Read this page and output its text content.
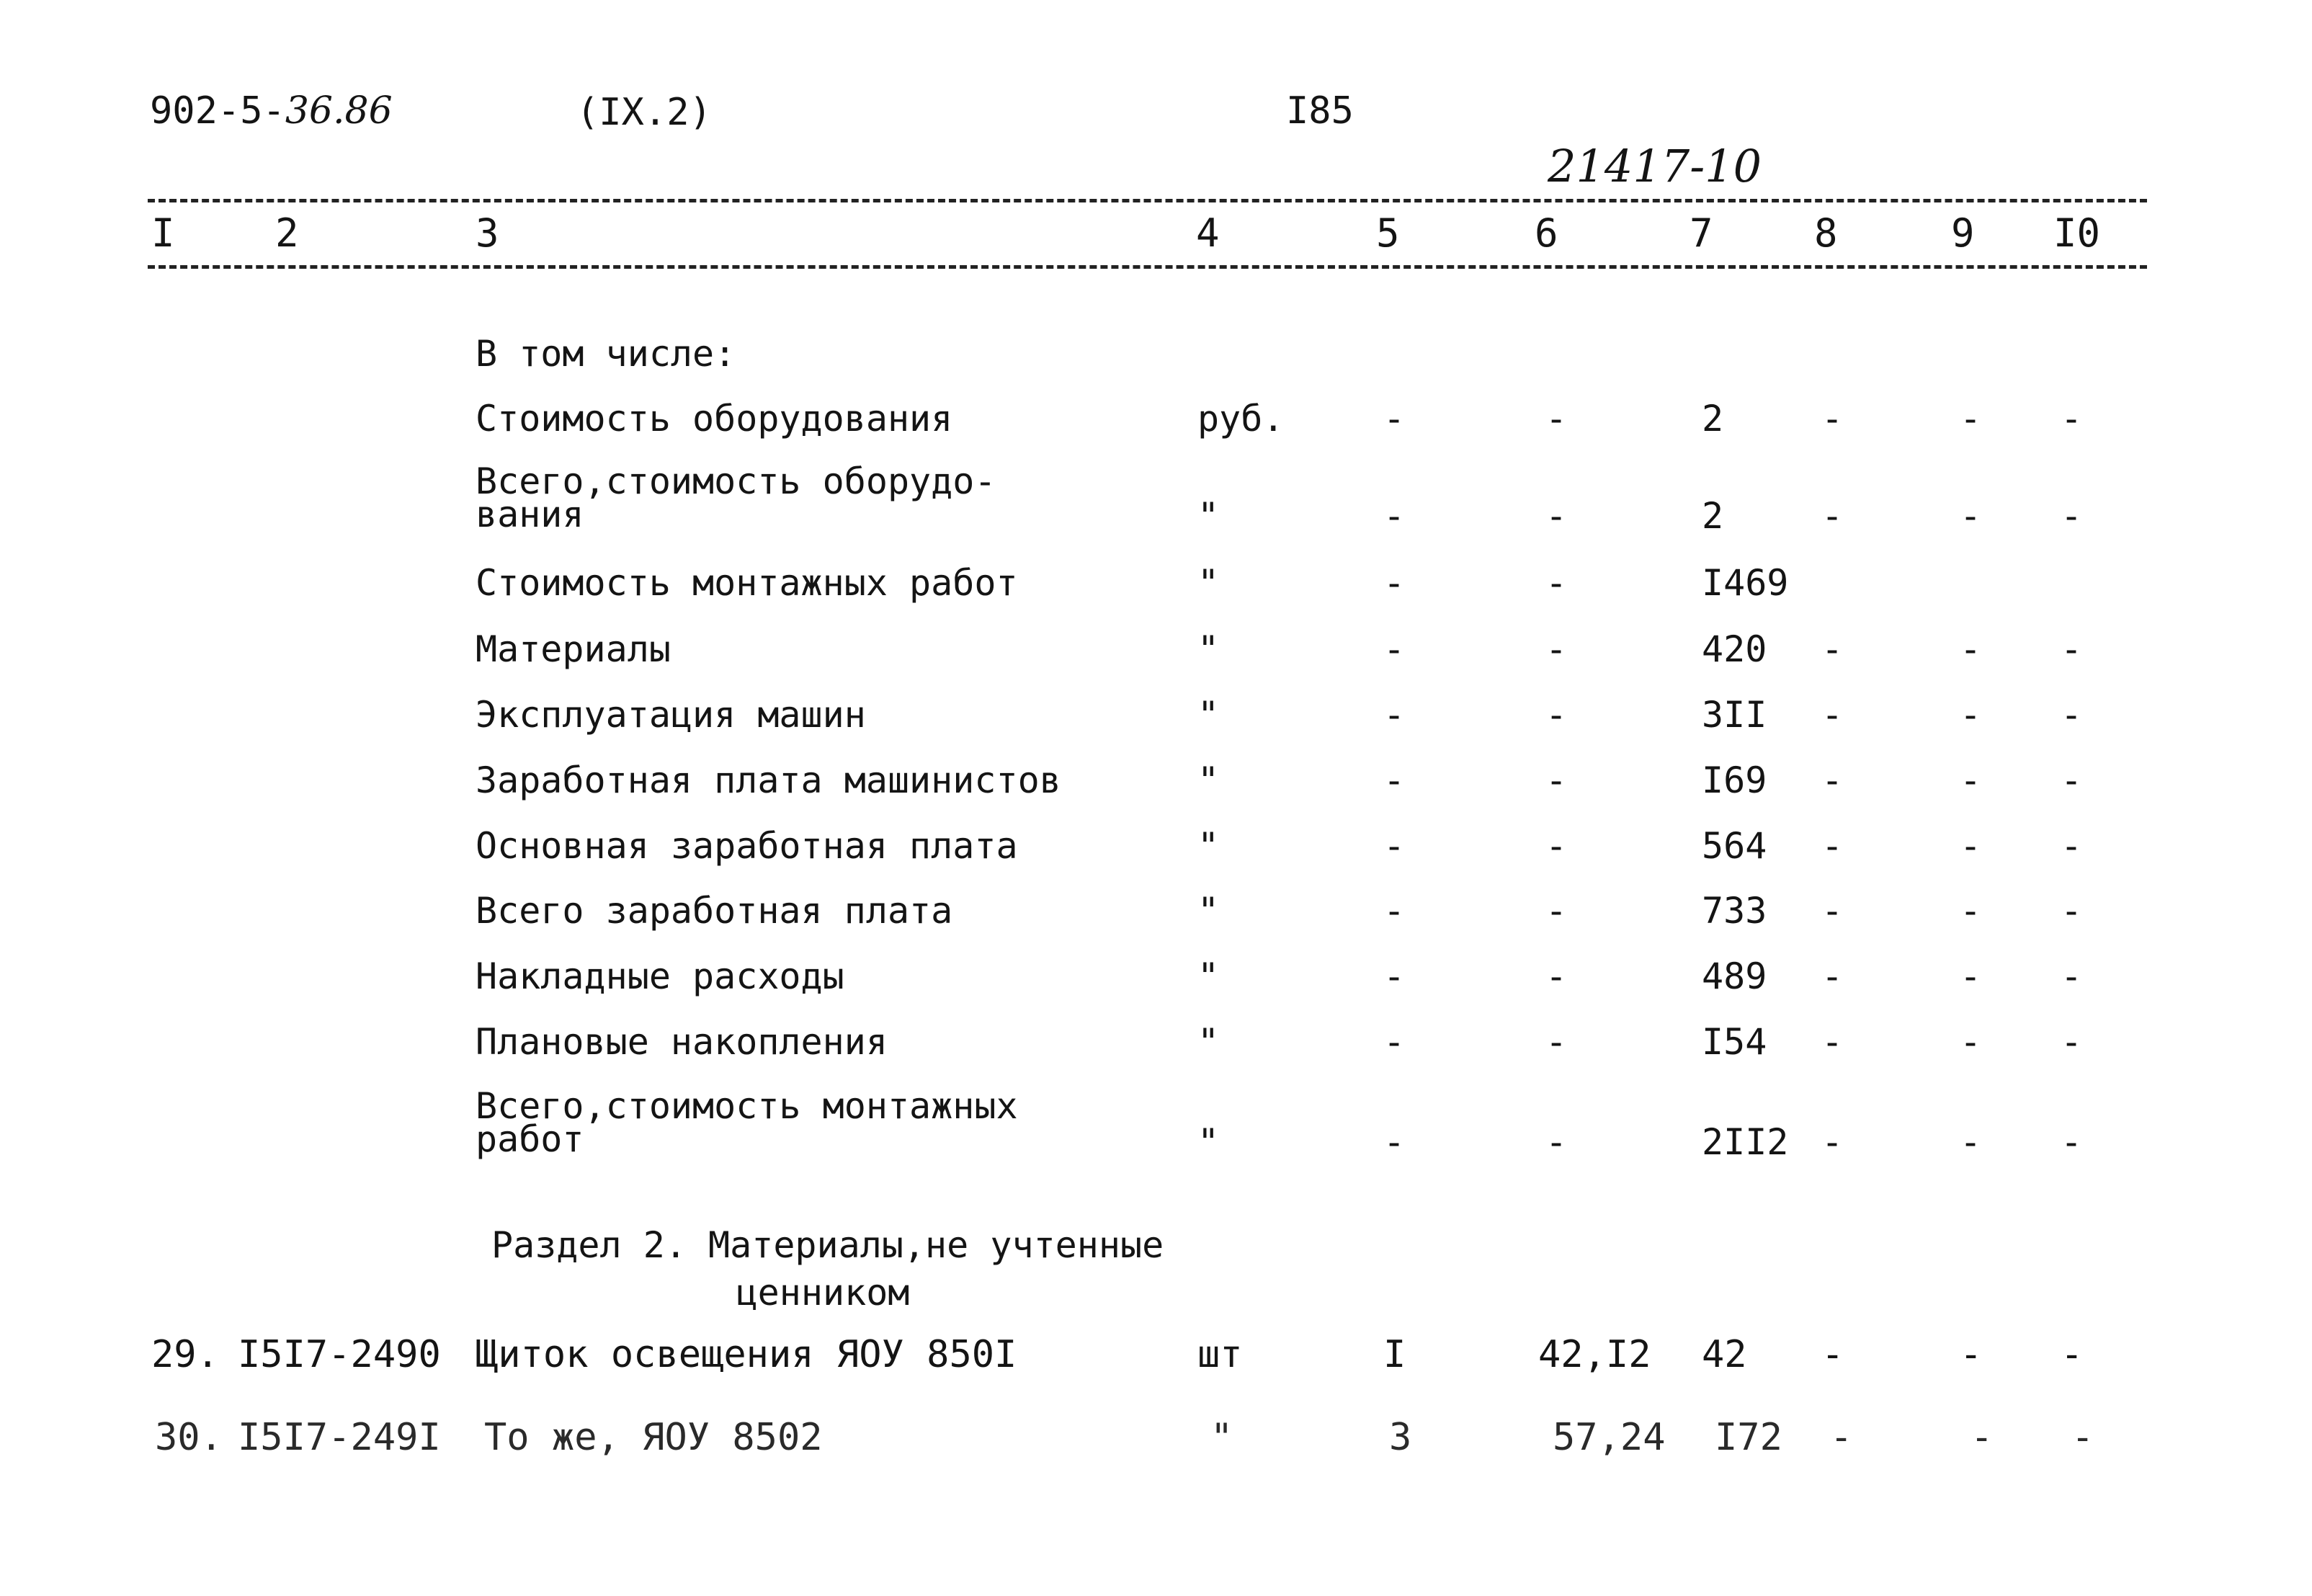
902-5-36.86	(IX.2)	I85
21417-10
I	2	3	4	5	6	7	8	9 I0
В том числе:
Стоимость оборудования	руб.	-	-	2	-	- -
Всего,стоимость оборудо-
вания	"	-	-	2	-	- -
Стоимость монтажных работ	"	-	-	I469
Материалы	"	-	-	420 -	- -
Эксплуатация машин	"	-	-	3II -	- -
Заработная плата машинистов	"	-	-	I69 -	- -
Основная заработная плата	"	-	-	564 -	- -
Всего заработная плата	"	-	-	733 -	- -
Накладные расходы	"	-	-	489 -	- -
Плановые накопления	"	-	-	I54 -	- -
Всего,стоимость монтажных
работ	"	-	-	2II2 -	- -
Раздел 2. Материалы,не учтенные
ценником
29. I5I7-2490 Щиток освещения ЯОУ 850I	шт	I	42,I2 42 -	- -
30. I5I7-249I То же, ЯОУ 8502	"	3	57,24 I72 -	- -
